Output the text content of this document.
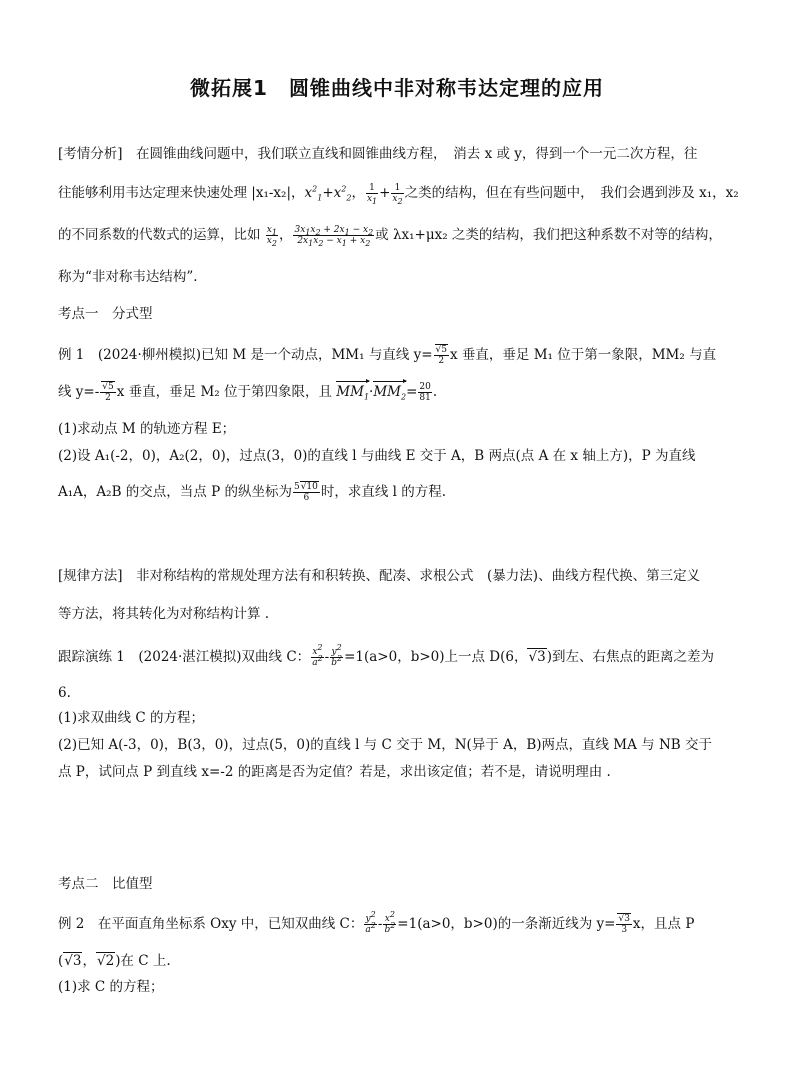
微拓展1　圆锥曲线中非对称韦达定理的应用
[考情分析]　 在圆锥曲线问题中，我们联立直线和圆锥曲线方程，　消去 x 或 y，得到一个一元二次方程，往
往能够利用韦达定理来快速处理 |x₁-x₂|，$x^2_1+x^2_2$， $\frac{1}{x_1} + \frac{1}{x_2}$ 之类的结构，但在有些问题中，　我们会遇到涉及 x₁，x₂
的不同系数的代数式的运算，比如 $\frac{x_1}{x_2}$ ， $\frac{3x_1x_2 + 2x_1 - x_2}{2x_1x_2 - x_1 + x_2}$ 或 λx₁+μx₂ 之类的结构，我们把这种系数不对等的结构，
称为“非对称韦达结构”.
考点一　分式型
例 1　(2024·柳州模拟)已知 M 是一个动点，MM₁ 与直线 $y= \frac{√5}{2}$ x 垂直，垂足 M₁ 位于第一象限，MM₂ 与直
线 $y=- \frac{√5}{2}$ x 垂直，垂足 M₂ 位于第四象限，且 $MM_1\cdot MM_2= \frac{20}{81}$ .
(1)求动点 M 的轨迹方程 E；
(2)设 A₁(-2，0)，A₂(2，0)，过点(3，0)的直线 l 与曲线 E 交于 A，B 两点(点 A 在 x 轴上方)，P 为直线
A₁A，A₂B 的交点，当点 P 的纵坐标为 $\frac{5√10}{6}$ 时，求直线 l 的方程.
[规律方法]　非对称结构的常规处理方法有和积转换、配凑、求根公式　(暴力法)、曲线方程代换、第三定义
等方法，将其转化为对称结构计算 .
跟踪演练 1　(2024·湛江模拟)双曲线 C： $\frac{x^2}{a^2} - \frac{y^2}{b^2} =1(a>0$，b>0)上一点 D(6，√3)到左、右焦点的距离之差为
6.
(1)求双曲线 C 的方程；
(2)已知 A(-3，0)，B(3，0)，过点(5，0)的直线 l 与 C 交于 M，N(异于 A，B)两点，直线 MA 与 NB 交于
点 P，试问点 P 到直线 x=-2 的距离是否为定值？若是，求出该定值；若不是，请说明理由 .
考点二　比值型
例 2　在平面直角坐标系 Oxy 中，已知双曲线 C： $\frac{y^2}{a^2} - \frac{x^2}{b^2} =1(a>0$，b>0)的一条渐近线为 $y= \frac{√3}{3}$ x，且点 P
(√3，√2)在 C 上.
(1)求 C 的方程；
